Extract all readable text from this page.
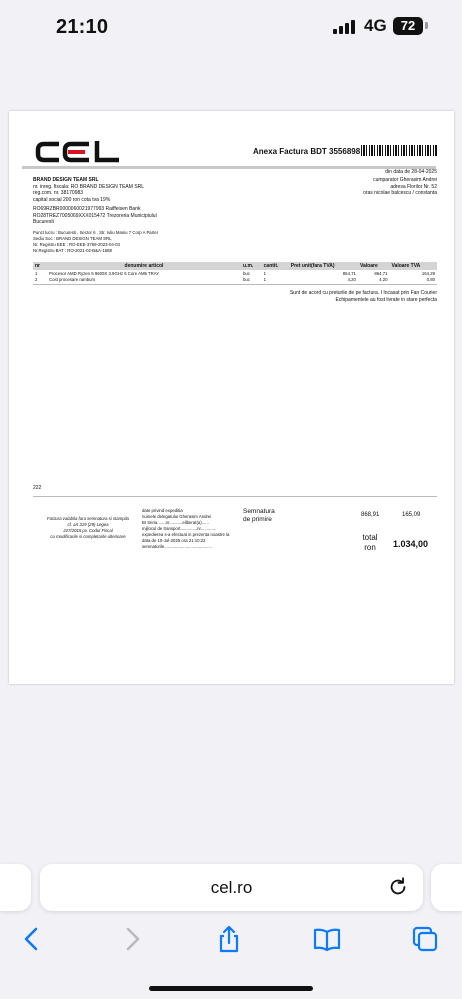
21:10	4G	72
Anexa Factura BDT 3556898
din data de 28-04-2025
BRAND DESIGN TEAM SRL
nr. inreg. fiscala: RO BRAND DESIGN TEAM SRL
reg.com. nr. 38170983
capital social 200 ron cota tva 19%
RO69RZBR0000060021977993 Raiffeisen Bank
RO28TREZ7005069XXX015472 Trezoreria Municipiului
Bucuresti
Punct lucru : Bucuresti , Sector 6 , Str. Iuliu Maniu 7 Corp A Parter
Sediu Soc : BRAND DESIGN TEAM SRL
Nr. Registru EEE : RO-EEE-3769-2023-04-03
Nr.Registru BAT : RO-2021-02-B&A-1588
cumparator Gherasim Andrei
adresa Florilor Nr. 52
oras nicolae balcescu / constanta
nr	denumire articol	u.m.	cantit.	Pret unit(fara TVA)	Valoare	Valoare TVA
1	Procesor AMD Ryzen 5 9600X 3.9GHz 6 Core AM5 TRAY	buc	1	864,71	864,71	164,29
2	Cost procesare ramburs	buc	1	4,20	4,20	0,80
Sunt de acord cu preturile de pe factura. I Incasat prin Fan Courier
Echipamentele au fost livrate in stare perfecta
222
Factura valabila fara semnatura si stampila
cf. art 319 (29) Legea
227/2015 pv. Codul Fiscal
cu modificarile si completarile ulterioare
date privind expeditia
numele delegatului Gherasim Andrei
BI Seria.......nr...........eliberat(a)......
mijlocul de transport..............nr.............
expedierea s-a efectuat in prezenta noastre la
data de 10-Jul-2025 ora 21:10:22
semnaturile........................................
Semnatura de primire
868,91	165,09
total ron	1.034,00
cel.ro
